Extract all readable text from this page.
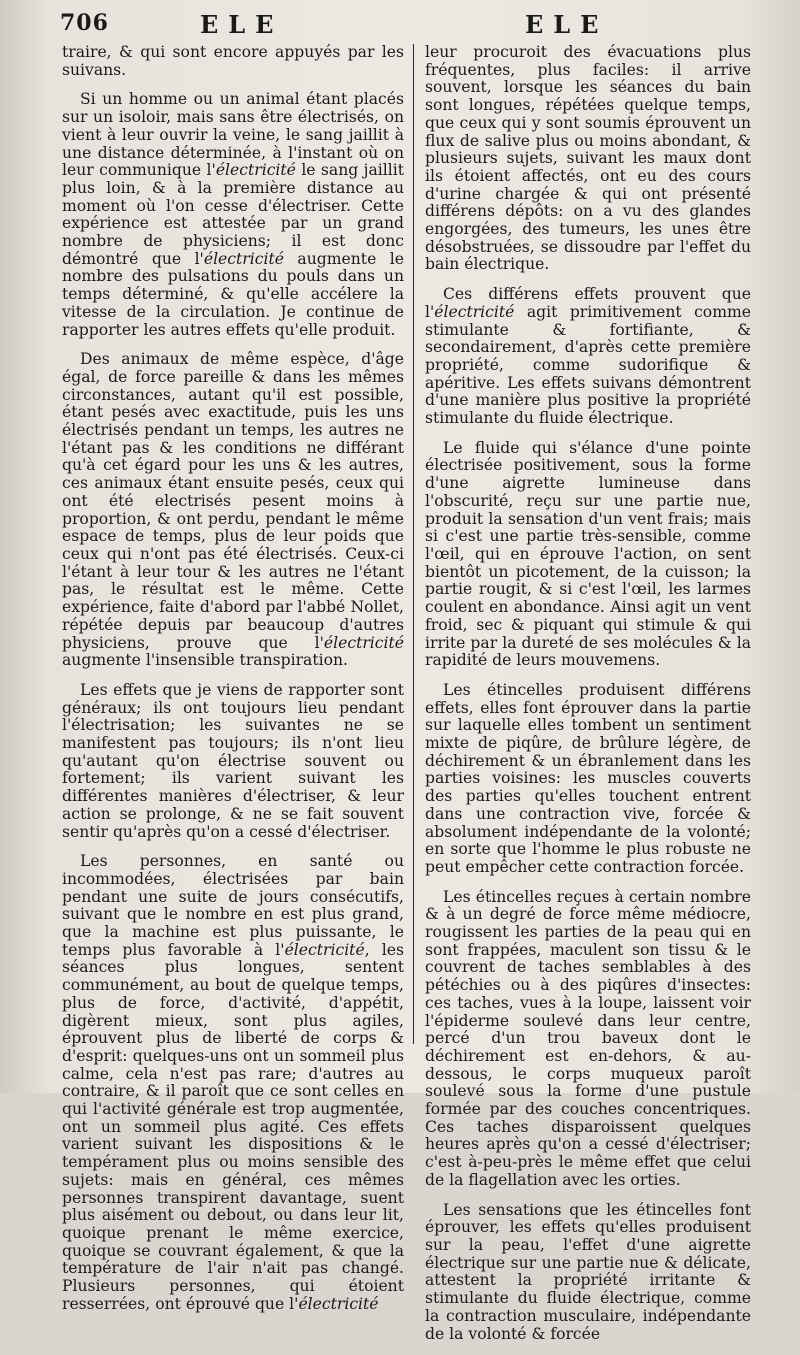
706	ELE	ELE

traire, & qui sont encore appuyés par les suivans.

Si un homme ou un animal étant placés sur un isoloir, mais sans être électrisés, on vient à leur ouvrir la veine, le sang jaillit à une distance déterminée, à l'instant où on leur communique l'électricité le sang jaillit plus loin, & à la première distance au moment où l'on cesse d'électriser. Cette expérience est attestée par un grand nombre de physiciens; il est donc démontré que l'électricité augmente le nombre des pulsations du pouls dans un temps déterminé, & qu'elle accélere la vitesse de la circulation. Je continue de rapporter les autres effets qu'elle produit.

Des animaux de même espèce, d'âge égal, de force pareille & dans les mêmes circonstances, autant qu'il est possible, étant pesés avec exactitude, puis les uns électrisés pendant un temps, les autres ne l'étant pas & les conditions ne différant qu'à cet égard pour les uns & les autres, ces animaux étant ensuite pesés, ceux qui ont été electrisés pesent moins à proportion, & ont perdu, pendant le même espace de temps, plus de leur poids que ceux qui n'ont pas été électrisés. Ceux-ci l'étant à leur tour & les autres ne l'étant pas, le résultat est le même. Cette expérience, faite d'abord par l'abbé Nollet, répétée depuis par beaucoup d'autres physiciens, prouve que l'électricité augmente l'insensible transpiration.

Les effets que je viens de rapporter sont généraux; ils ont toujours lieu pendant l'électrisation; les suivantes ne se manifestent pas toujours; ils n'ont lieu qu'autant qu'on électrise souvent ou fortement; ils varient suivant les différentes manières d'électriser, & leur action se prolonge, & ne se fait souvent sentir qu'après qu'on a cessé d'électriser.

Les personnes, en santé ou incommodées, électrisées par bain pendant une suite de jours consécutifs, suivant que le nombre en est plus grand, que la machine est plus puissante, le temps plus favorable à l'électricité, les séances plus longues, sentent communément, au bout de quelque temps, plus de force, d'activité, d'appétit, digèrent mieux, sont plus agiles, éprouvent plus de liberté de corps & d'esprit: quelques-uns ont un sommeil plus calme, cela n'est pas rare; d'autres au contraire, & il paroît que ce sont celles en qui l'activité générale est trop augmentée, ont un sommeil plus agité. Ces effets varient suivant les dispositions & le tempérament plus ou moins sensible des sujets: mais en général, ces mêmes personnes transpirent davantage, suent plus aisément ou debout, ou dans leur lit, quoique prenant le même exercice, quoique se couvrant également, & que la température de l'air n'ait pas changé. Plusieurs personnes, qui étoient resserrées, ont éprouvé que l'électricité

leur procuroit des évacuations plus fréquentes, plus faciles: il arrive souvent, lorsque les séances du bain sont longues, répétées quelque temps, que ceux qui y sont soumis éprouvent un flux de salive plus ou moins abondant, & plusieurs sujets, suivant les maux dont ils étoient affectés, ont eu des cours d'urine chargée & qui ont présenté différens dépôts: on a vu des glandes engorgées, des tumeurs, les unes être désobstruées, se dissoudre par l'effet du bain électrique.

Ces différens effets prouvent que l'électricité agit primitivement comme stimulante & fortifiante, & secondairement, d'après cette première propriété, comme sudorifique & apéritive. Les effets suivans démontrent d'une manière plus positive la propriété stimulante du fluide électrique.

Le fluide qui s'élance d'une pointe électrisée positivement, sous la forme d'une aigrette lumineuse dans l'obscurité, reçu sur une partie nue, produit la sensation d'un vent frais; mais si c'est une partie très-sensible, comme l'œil, qui en éprouve l'action, on sent bientôt un picotement, de la cuisson; la partie rougit, & si c'est l'œil, les larmes coulent en abondance. Ainsi agit un vent froid, sec & piquant qui stimule & qui irrite par la dureté de ses molécules & la rapidité de leurs mouvemens.

Les étincelles produisent différens effets, elles font éprouver dans la partie sur laquelle elles tombent un sentiment mixte de piqûre, de brûlure légère, de déchirement & un ébranlement dans les parties voisines: les muscles couverts des parties qu'elles touchent entrent dans une contraction vive, forcée & absolument indépendante de la volonté; en sorte que l'homme le plus robuste ne peut empêcher cette contraction forcée.

Les étincelles reçues à certain nombre & à un degré de force même médiocre, rougissent les parties de la peau qui en sont frappées, maculent son tissu & le couvrent de taches semblables à des pétéchies ou à des piqûres d'insectes: ces taches, vues à la loupe, laissent voir l'épiderme soulevé dans leur centre, percé d'un trou baveux dont le déchirement est en-dehors, & au-dessous, le corps muqueux paroît soulevé sous la forme d'une pustule formée par des couches concentriques. Ces taches disparoissent quelques heures après qu'on a cessé d'électriser; c'est à-peu-près le même effet que celui de la flagellation avec les orties.

Les sensations que les étincelles font éprouver, les effets qu'elles produisent sur la peau, l'effet d'une aigrette électrique sur une partie nue & délicate, attestent la propriété irritante & stimulante du fluide électrique, comme la contraction musculaire, indépendante de la volonté & forcée
